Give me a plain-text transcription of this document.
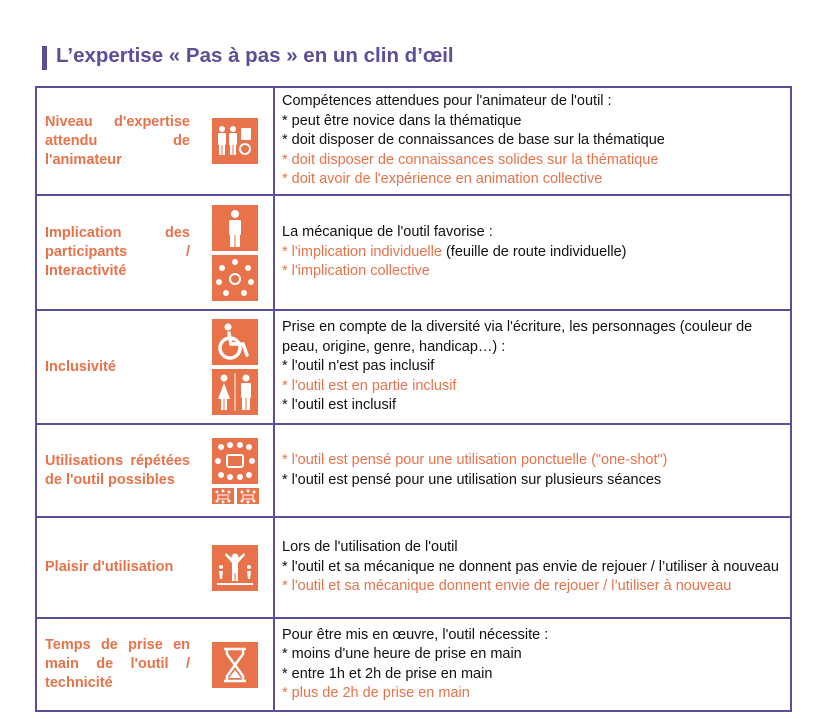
L’expertise « Pas à pas » en un clin d’œil
Niveau d'expertise attendu de l'animateur		Compétences attendues pour l'animateur de l'outil :
* peut être novice dans la thématique
* doit disposer de connaissances de base sur la thématique
* doit disposer de connaissances solides sur la thématique
* doit avoir de l'expérience en animation collective

Implication des participants / Interactivité		La mécanique de l'outil favorise :
* l'implication individuelle (feuille de route individuelle)
* l'implication collective

Inclusivité		Prise en compte de la diversité via l'écriture, les personnages (couleur de peau, origine, genre, handicap…) :
* l'outil n'est pas inclusif
* l'outil est en partie inclusif
* l'outil est inclusif

Utilisations répétées de l'outil possibles		* l'outil est pensé pour une utilisation ponctuelle ("one-shot")
* l'outil est pensé pour une utilisation sur plusieurs séances

Plaisir d'utilisation		Lors de l'utilisation de l'outil
* l'outil et sa mécanique ne donnent pas envie de rejouer / l’utiliser à nouveau
* l'outil et sa mécanique donnent envie de rejouer / l’utiliser à nouveau

Temps de prise en main de l'outil / technicité		Pour être mis en œuvre, l'outil nécessite :
* moins d'une heure de prise en main
* entre 1h et 2h de prise en main
* plus de 2h de prise en main
